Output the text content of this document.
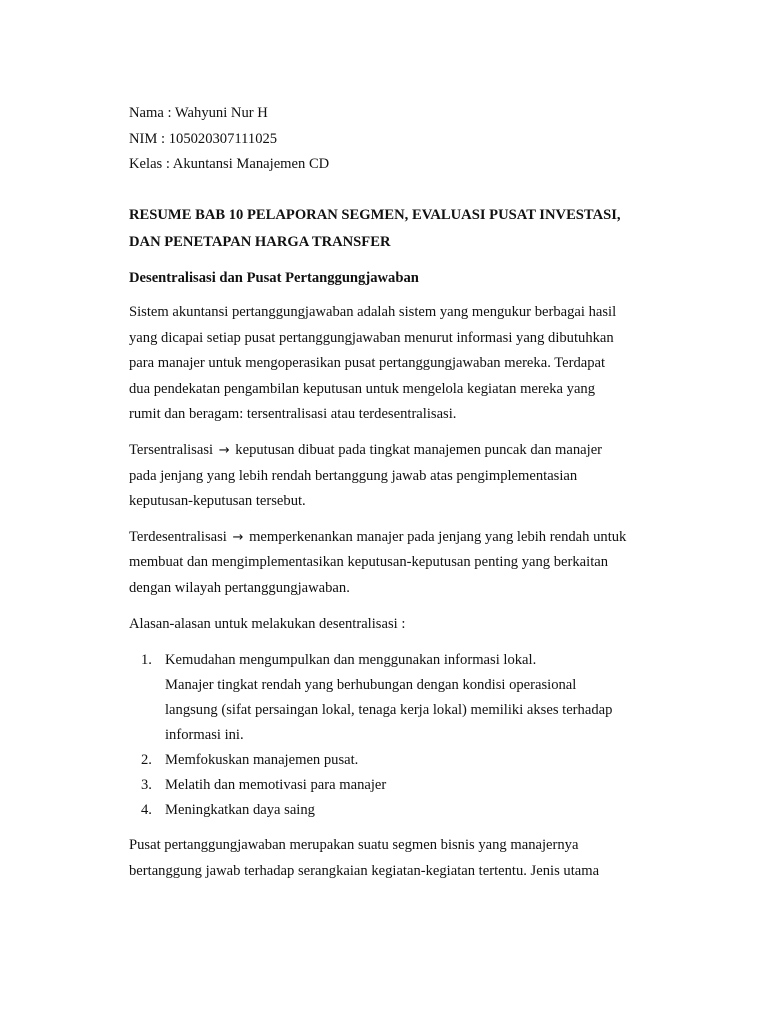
Nama : Wahyuni Nur H
NIM : 105020307111025
Kelas : Akuntansi Manajemen CD
RESUME BAB 10 PELAPORAN SEGMEN, EVALUASI PUSAT INVESTASI,
DAN PENETAPAN HARGA TRANSFER
Desentralisasi dan Pusat Pertanggungjawaban
Sistem akuntansi pertanggungjawaban adalah sistem yang mengukur berbagai hasil
yang dicapai setiap pusat pertanggungjawaban menurut informasi yang dibutuhkan
para manajer untuk mengoperasikan pusat pertanggungjawaban mereka. Terdapat
dua pendekatan pengambilan keputusan untuk mengelola kegiatan mereka yang
rumit dan beragam: tersentralisasi atau terdesentralisasi.
Tersentralisasi → keputusan dibuat pada tingkat manajemen puncak dan manajer
pada jenjang yang lebih rendah bertanggung jawab atas pengimplementasian
keputusan-keputusan tersebut.
Terdesentralisasi → memperkenankan manajer pada jenjang yang lebih rendah untuk
membuat dan mengimplementasikan keputusan-keputusan penting yang berkaitan
dengan wilayah pertanggungjawaban.
Alasan-alasan untuk melakukan desentralisasi :
1. Kemudahan mengumpulkan dan menggunakan informasi lokal.
Manajer tingkat rendah yang berhubungan dengan kondisi operasional
langsung (sifat persaingan lokal, tenaga kerja lokal) memiliki akses terhadap
informasi ini.
2. Memfokuskan manajemen pusat.
3. Melatih dan memotivasi para manajer
4. Meningkatkan daya saing
Pusat pertanggungjawaban merupakan suatu segmen bisnis yang manajernya
bertanggung jawab terhadap serangkaian kegiatan-kegiatan tertentu. Jenis utama
